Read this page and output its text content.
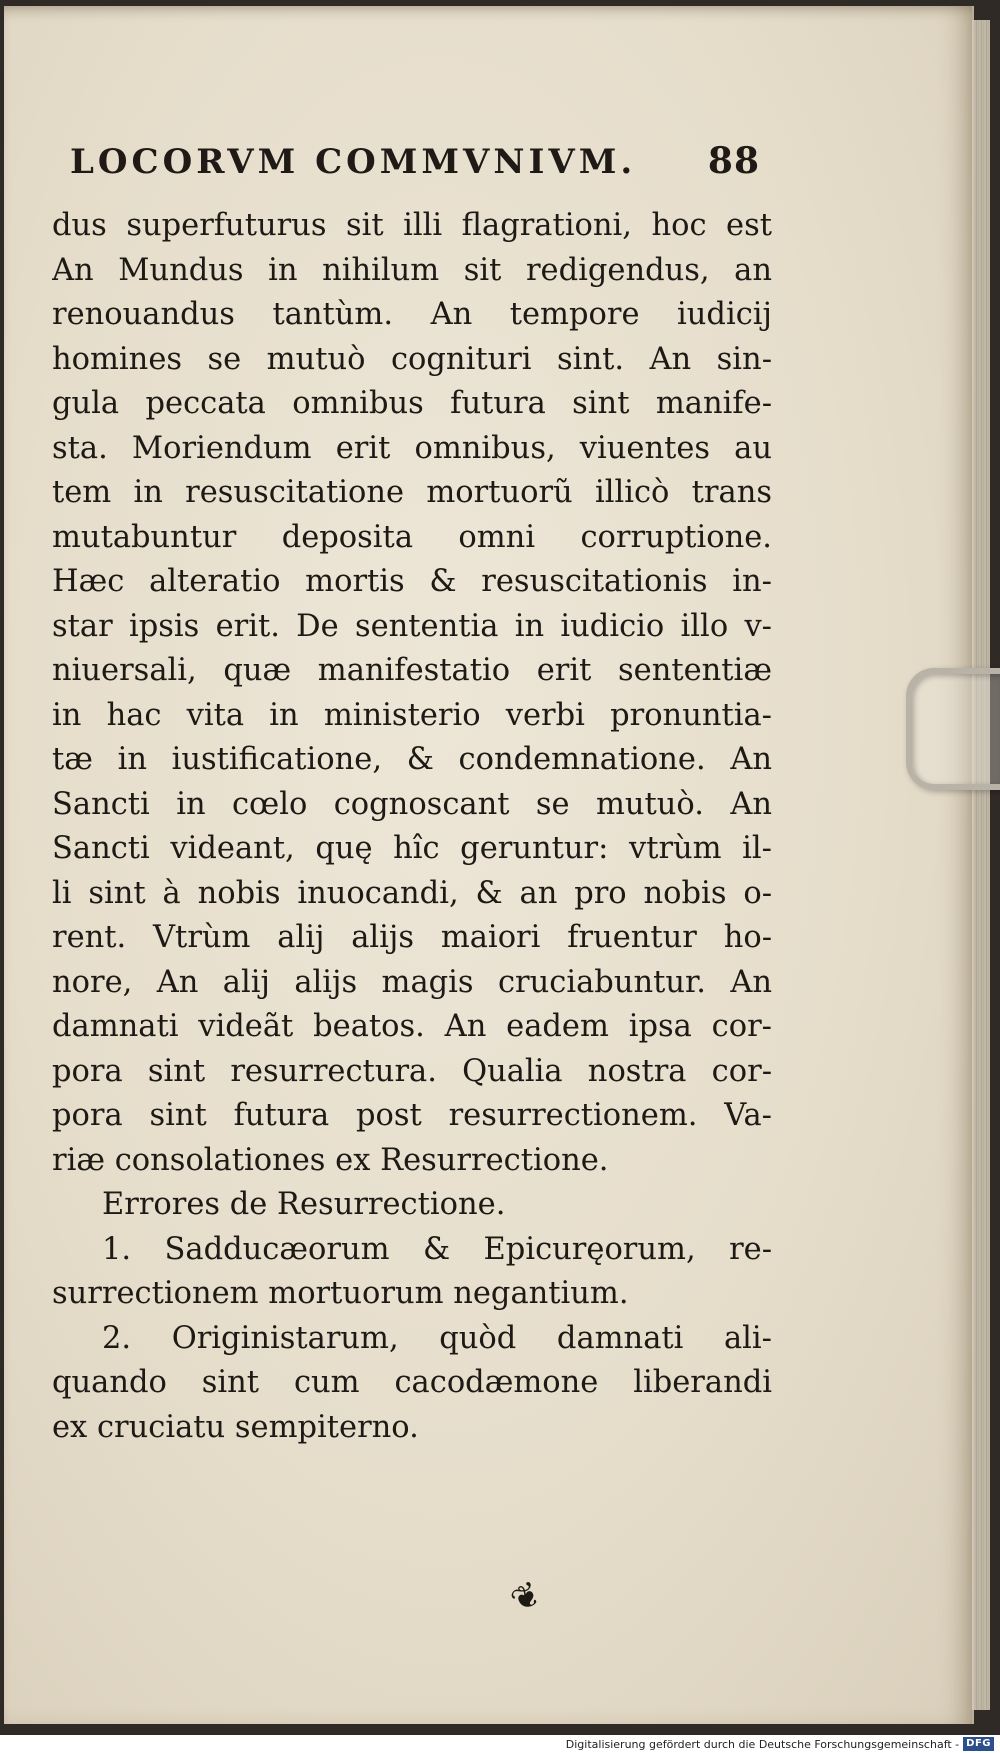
LOCORVM COMMVNIVM. 88
dus superfuturus sit illi flagrationi, hoc est
An Mundus in nihilum sit redigendus, an
renouandus tantùm. An tempore iudicij
homines se mutuò cognituri sint. An sin-
gula peccata omnibus futura sint manife-
sta. Moriendum erit omnibus, viuentes au
tem in resuscitatione mortuorũ illicò trans
mutabuntur deposita omni corruptione.
Hæc alteratio mortis & resuscitationis in-
star ipsis erit. De sententia in iudicio illo v-
niuersali, quæ manifestatio erit sententiæ
in hac vita in ministerio verbi pronuntia-
tæ in iustificatione, & condemnatione. An
Sancti in cœlo cognoscant se mutuò. An
Sancti videant, quę hîc geruntur: vtrùm il-
li sint à nobis inuocandi, & an pro nobis o-
rent. Vtrùm alij alijs maiori fruentur ho-
nore, An alij alijs magis cruciabuntur. An
damnati videãt beatos. An eadem ipsa cor-
pora sint resurrectura. Qualia nostra cor-
pora sint futura post resurrectionem. Va-
riæ consolationes ex Resurrectione.
Errores de Resurrectione.
1. Sadducæorum & Epicuręorum, re-
surrectionem mortuorum negantium.
2. Originistarum, quòd damnati ali-
quando sint cum cacodæmone liberandi
ex cruciatu sempiterno.
❦
Digitalisierung gefördert durch die Deutsche Forschungsgemeinschaft - DFG
